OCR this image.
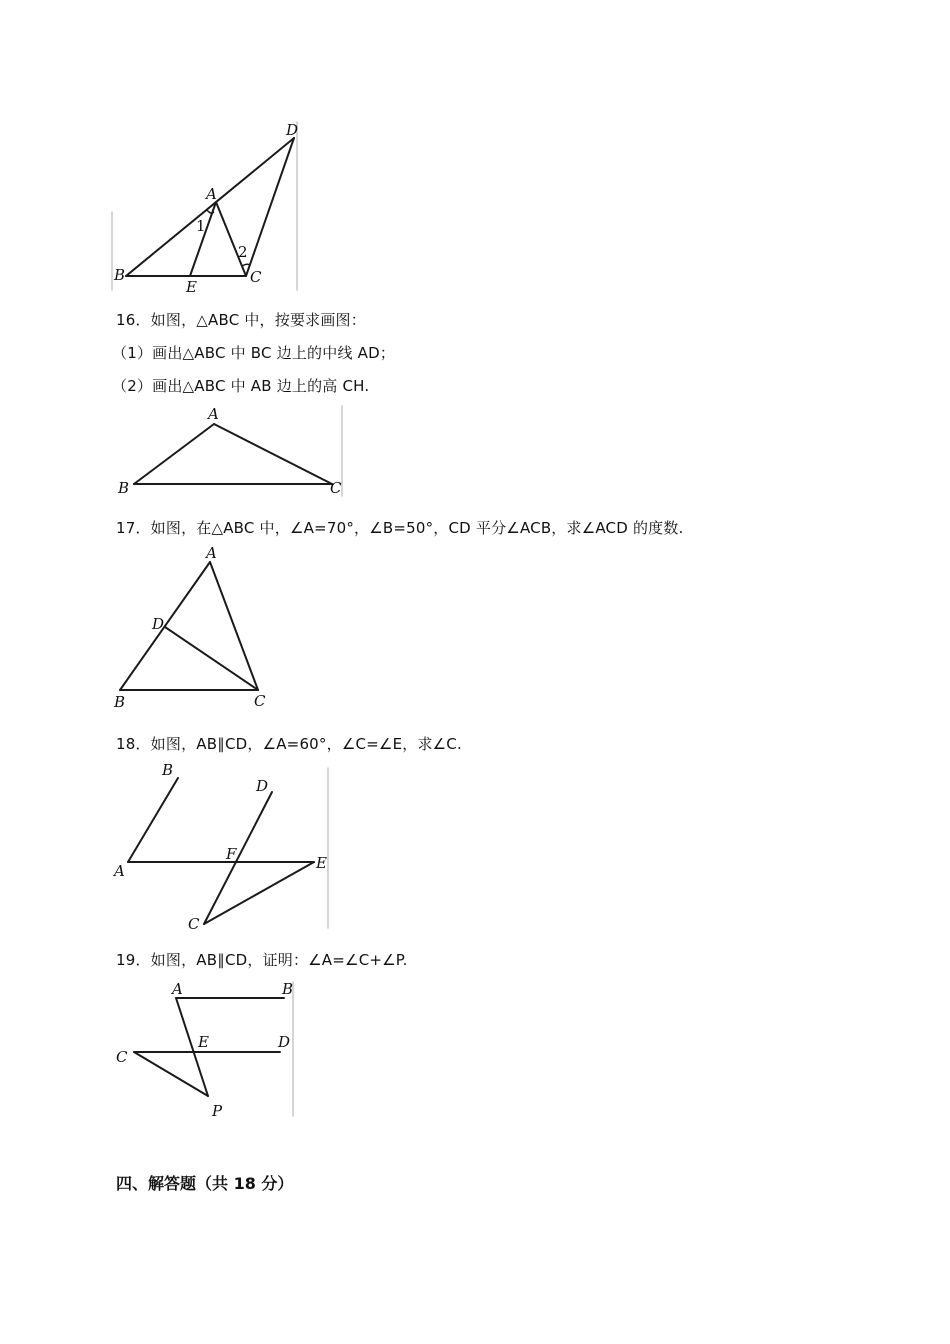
D
A
1
2
B
E
C
16．如图，△ABC 中，按要求画图：
（1）画出△ABC 中 BC 边上的中线 AD；
（2）画出△ABC 中 AB 边上的高 CH.
A
B	C
17．如图，在△ABC 中，∠A=70°，∠B=50°，CD 平分∠ACB，求∠ACD 的度数.
A
D
B	C
18．如图，AB∥CD，∠A=60°，∠C=∠E，求∠C.
B
D
F
A	E
C
19．如图，AB∥CD，证明：∠A=∠C+∠P.
A	B
C
E	D
P
四、解答题（共 18 分）
